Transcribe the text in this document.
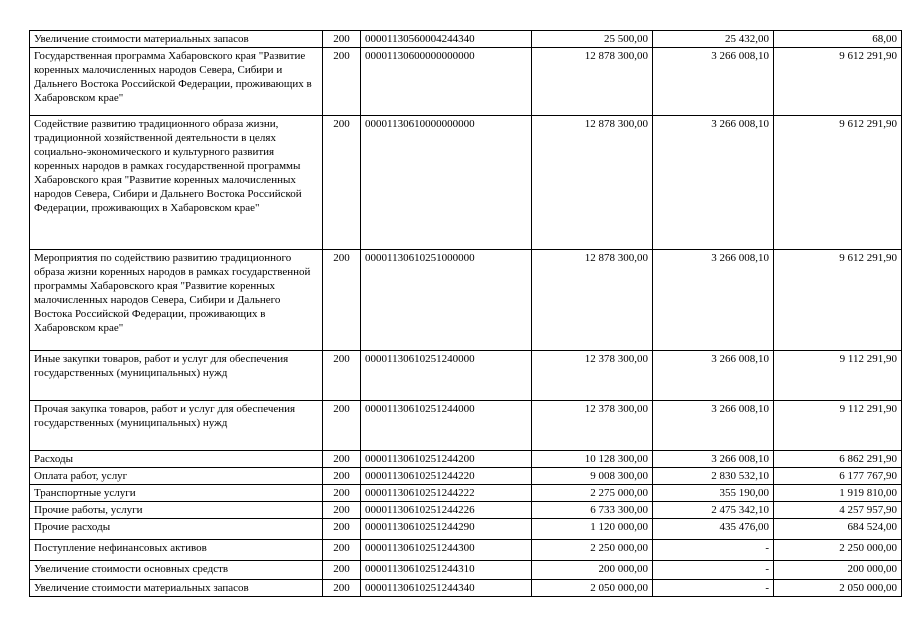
Увеличение стоимости материальных запасов	200	00001130560004244340	25 500,00	25 432,00	68,00
Государственная программа Хабаровского края "Развитие коренных малочисленных народов Севера, Сибири и Дальнего Востока Российской Федерации, проживающих в Хабаровском крае"	200	00001130600000000000	12 878 300,00	3 266 008,10	9 612 291,90
Содействие развитию традиционного образа жизни, традиционной хозяйственной деятельности в целях социально-экономического и культурного развития коренных народов в рамках государственной программы Хабаровского края "Развитие коренных малочисленных народов Севера, Сибири и Дальнего Востока Российской Федерации, проживающих в Хабаровском крае"	200	00001130610000000000	12 878 300,00	3 266 008,10	9 612 291,90
Мероприятия по содействию развитию традиционного образа жизни коренных народов в рамках государственной программы Хабаровского края "Развитие коренных малочисленных народов Севера, Сибири и Дальнего Востока Российской Федерации, проживающих в Хабаровском крае"	200	00001130610251000000	12 878 300,00	3 266 008,10	9 612 291,90
Иные закупки товаров, работ и услуг для обеспечения государственных (муниципальных) нужд	200	00001130610251240000	12 378 300,00	3 266 008,10	9 112 291,90
Прочая закупка товаров, работ и услуг для обеспечения государственных (муниципальных) нужд	200	00001130610251244000	12 378 300,00	3 266 008,10	9 112 291,90
Расходы	200	00001130610251244200	10 128 300,00	3 266 008,10	6 862 291,90
Оплата работ, услуг	200	00001130610251244220	9 008 300,00	2 830 532,10	6 177 767,90
Транспортные услуги	200	00001130610251244222	2 275 000,00	355 190,00	1 919 810,00
Прочие работы, услуги	200	00001130610251244226	6 733 300,00	2 475 342,10	4 257 957,90
Прочие расходы	200	00001130610251244290	1 120 000,00	435 476,00	684 524,00
Поступление нефинансовых активов	200	00001130610251244300	2 250 000,00	-	2 250 000,00
Увеличение стоимости основных средств	200	00001130610251244310	200 000,00	-	200 000,00
Увеличение стоимости материальных запасов	200	00001130610251244340	2 050 000,00	-	2 050 000,00
